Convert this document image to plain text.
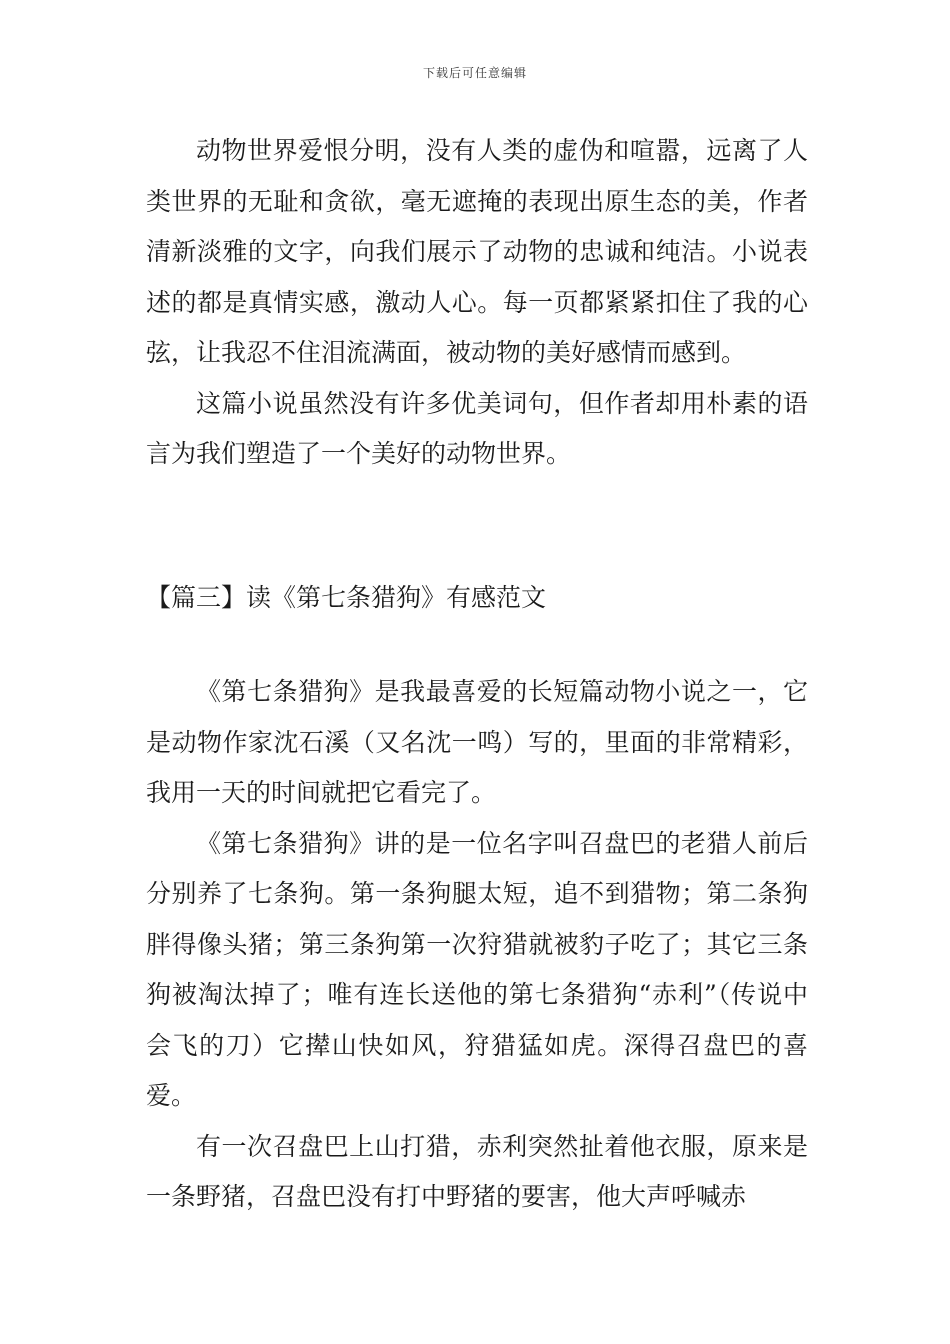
下载后可任意编辑

动物世界爱恨分明，没有人类的虚伪和喧嚣，远离了人类世界的无耻和贪欲，毫无遮掩的表现出原生态的美，作者清新淡雅的文字，向我们展示了动物的忠诚和纯洁。小说表述的都是真情实感，激动人心。每一页都紧紧扣住了我的心弦，让我忍不住泪流满面，被动物的美好感情而感到。

这篇小说虽然没有许多优美词句，但作者却用朴素的语言为我们塑造了一个美好的动物世界。

【篇三】读《第七条猎狗》有感范文

《第七条猎狗》是我最喜爱的长短篇动物小说之一，它是动物作家沈石溪（又名沈一鸣）写的，里面的非常精彩，我用一天的时间就把它看完了。

《第七条猎狗》讲的是一位名字叫召盘巴的老猎人前后分别养了七条狗。第一条狗腿太短，追不到猎物；第二条狗胖得像头猪；第三条狗第一次狩猎就被豹子吃了；其它三条狗被淘汰掉了；唯有连长送他的第七条猎狗“赤利”（传说中会飞的刀）它撵山快如风，狩猎猛如虎。深得召盘巴的喜爱。

有一次召盘巴上山打猎，赤利突然扯着他衣服，原来是一条野猪，召盘巴没有打中野猪的要害，他大声呼喊赤
